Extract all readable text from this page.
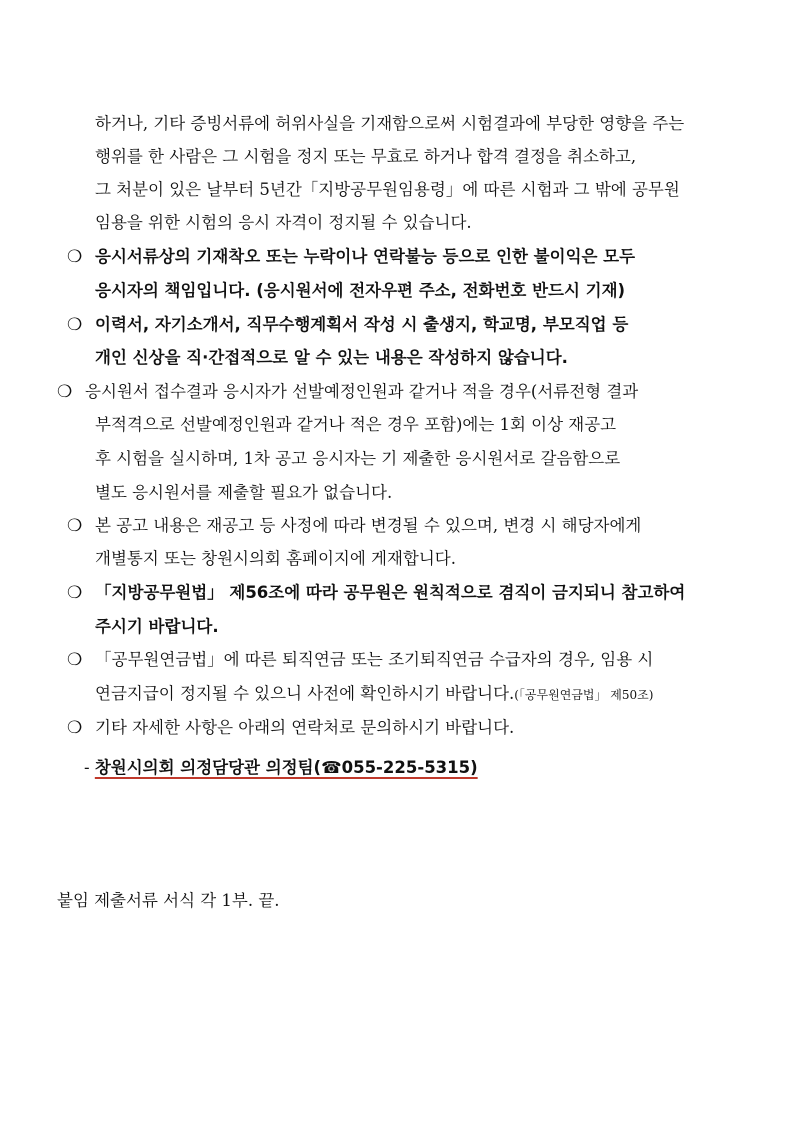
하거나, 기타 증빙서류에 허위사실을 기재함으로써 시험결과에 부당한 영향을 주는
행위를 한 사람은 그 시험을 정지 또는 무효로 하거나 합격 결정을 취소하고,
그 처분이 있은 날부터 5년간「지방공무원임용령」에 따른 시험과 그 밖에 공무원
임용을 위한 시험의 응시 자격이 정지될 수 있습니다.
❍ 응시서류상의 기재착오 또는 누락이나 연락불능 등으로 인한 불이익은 모두
응시자의 책임입니다. (응시원서에 전자우편 주소, 전화번호 반드시 기재)
❍ 이력서, 자기소개서, 직무수행계획서 작성 시 출생지, 학교명, 부모직업 등
개인 신상을 직·간접적으로 알 수 있는 내용은 작성하지 않습니다.
❍ 응시원서 접수결과 응시자가 선발예정인원과 같거나 적을 경우(서류전형 결과
부적격으로 선발예정인원과 같거나 적은 경우 포함)에는 1회 이상 재공고
후 시험을 실시하며, 1차 공고 응시자는 기 제출한 응시원서로 갈음함으로
별도 응시원서를 제출할 필요가 없습니다.
❍ 본 공고 내용은 재공고 등 사정에 따라 변경될 수 있으며, 변경 시 해당자에게
개별통지 또는 창원시의회 홈페이지에 게재합니다.
❍ 「지방공무원법」 제56조에 따라 공무원은 원칙적으로 겸직이 금지되니 참고하여
주시기 바랍니다.
❍ 「공무원연금법」에 따른 퇴직연금 또는 조기퇴직연금 수급자의 경우, 임용 시
연금지급이 정지될 수 있으니 사전에 확인하시기 바랍니다.(「공무원연금법」 제50조)
❍ 기타 자세한 사항은 아래의 연락처로 문의하시기 바랍니다.
- 창원시의회 의정담당관 의정팀(☎055-225-5315)
붙임 제출서류 서식 각 1부. 끝.
